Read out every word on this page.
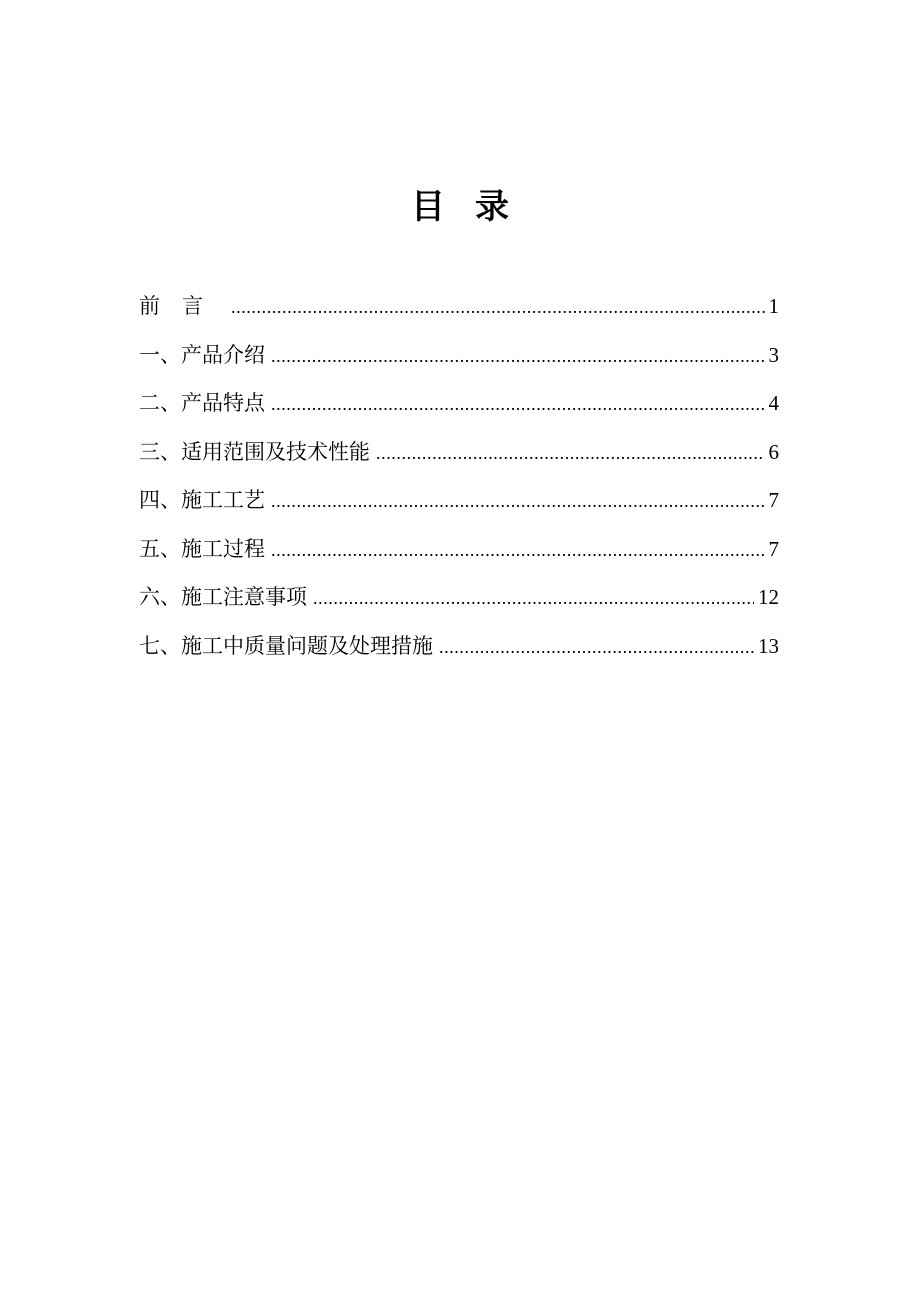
目录
前言 .....	1
一、产品介绍 .....	3
二、产品特点 .....	4
三、适用范围及技术性能 .....	6
四、施工工艺 .....	7
五、施工过程 .....	7
六、施工注意事项 .....	12
七、施工中质量问题及处理措施 .....	13
